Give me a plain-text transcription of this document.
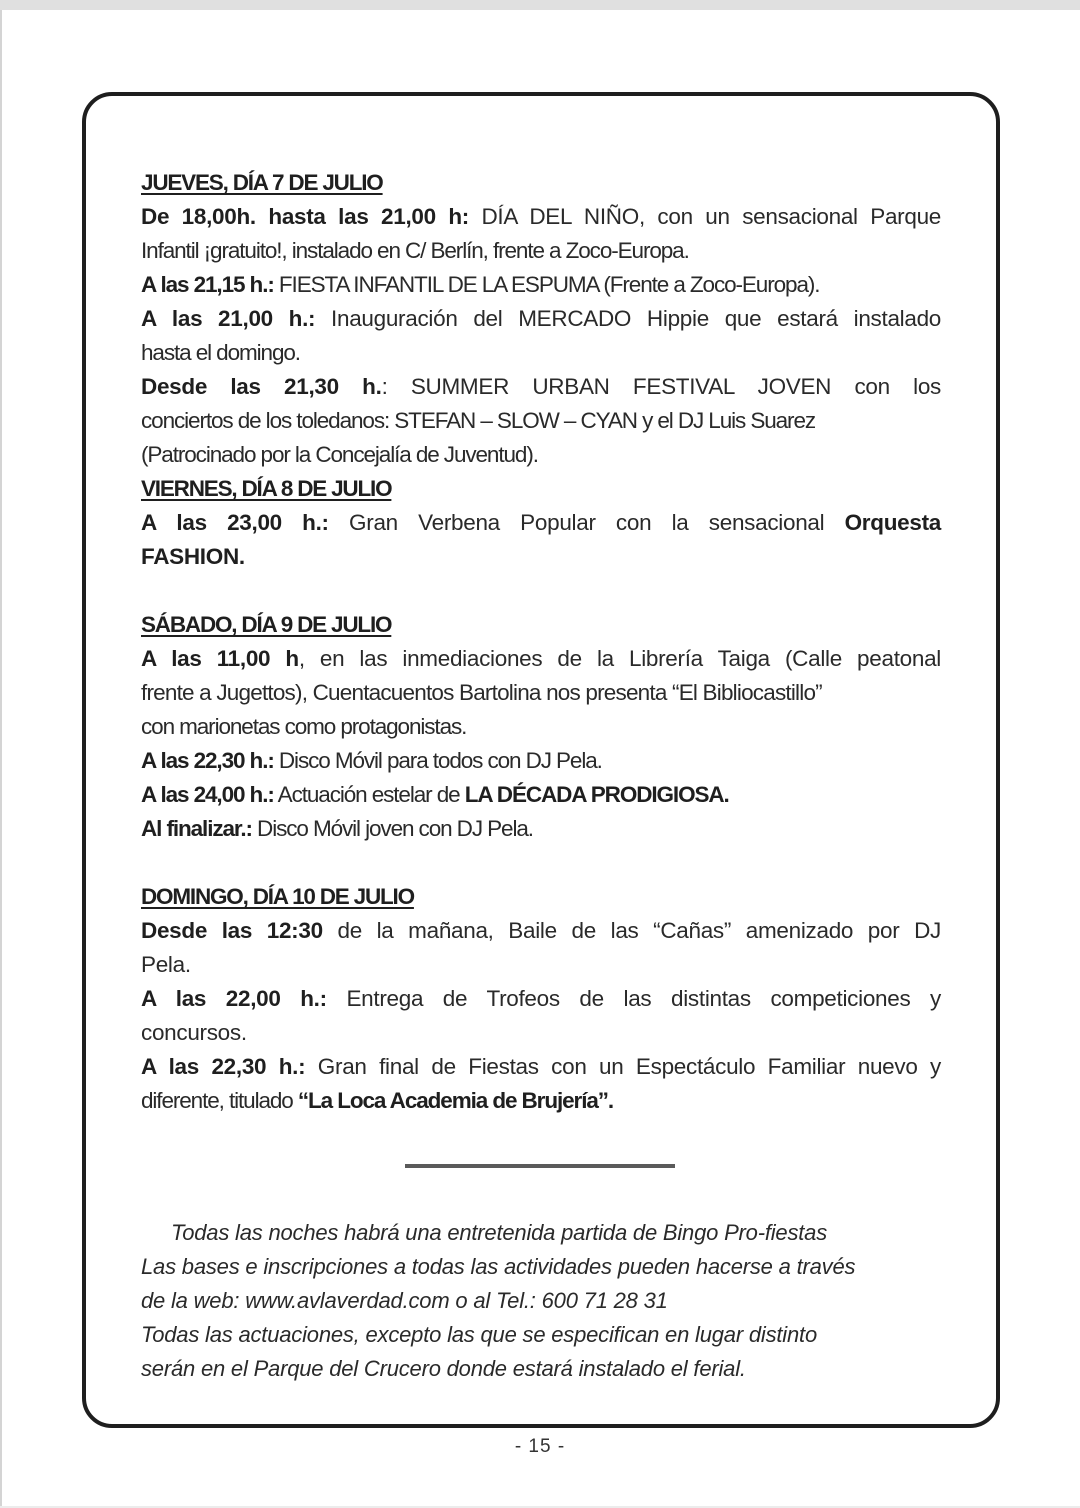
JUEVES, DÍA 7 DE JULIO
De 18,00h. hasta las 21,00 h: DÍA DEL NIÑO, con un sensacional Parque
Infantil ¡gratuito!, instalado en C/ Berlín, frente a Zoco-Europa.
A las 21,15 h.: FIESTA INFANTIL DE LA ESPUMA (Frente a Zoco-Europa).
A las 21,00 h.: Inauguración del MERCADO Hippie que estará instalado
hasta el domingo.
Desde las 21,30 h.: SUMMER URBAN FESTIVAL JOVEN con los
conciertos de los toledanos: STEFAN – SLOW – CYAN y el DJ Luis Suarez
(Patrocinado por la Concejalía de Juventud).
VIERNES, DÍA 8 DE JULIO
A las 23,00 h.: Gran Verbena Popular con la sensacional Orquesta
FASHION.
SÁBADO, DÍA 9 DE JULIO
A las 11,00 h, en las inmediaciones de la Librería Taiga (Calle peatonal
frente a Jugettos), Cuentacuentos Bartolina nos presenta “El Bibliocastillo”
con marionetas como protagonistas.
A las 22,30 h.: Disco Móvil para todos con DJ Pela.
A las 24,00 h.: Actuación estelar de LA DÉCADA PRODIGIOSA.
Al finalizar.: Disco Móvil joven con DJ Pela.
DOMINGO, DÍA 10 DE JULIO
Desde las 12:30 de la mañana, Baile de las “Cañas” amenizado por DJ
Pela.
A las 22,00 h.: Entrega de Trofeos de las distintas competiciones y
concursos.
A las 22,30 h.: Gran final de Fiestas con un Espectáculo Familiar nuevo y
diferente, titulado “La Loca Academia de Brujería”.
Todas las noches habrá una entretenida partida de Bingo Pro-fiestas
Las bases e inscripciones a todas las actividades pueden hacerse a través
de la web: www.avlaverdad.com o al Tel.: 600 71 28 31
Todas las actuaciones, excepto las que se especifican en lugar distinto
serán en el Parque del Crucero donde estará instalado el ferial.
- 15 -
